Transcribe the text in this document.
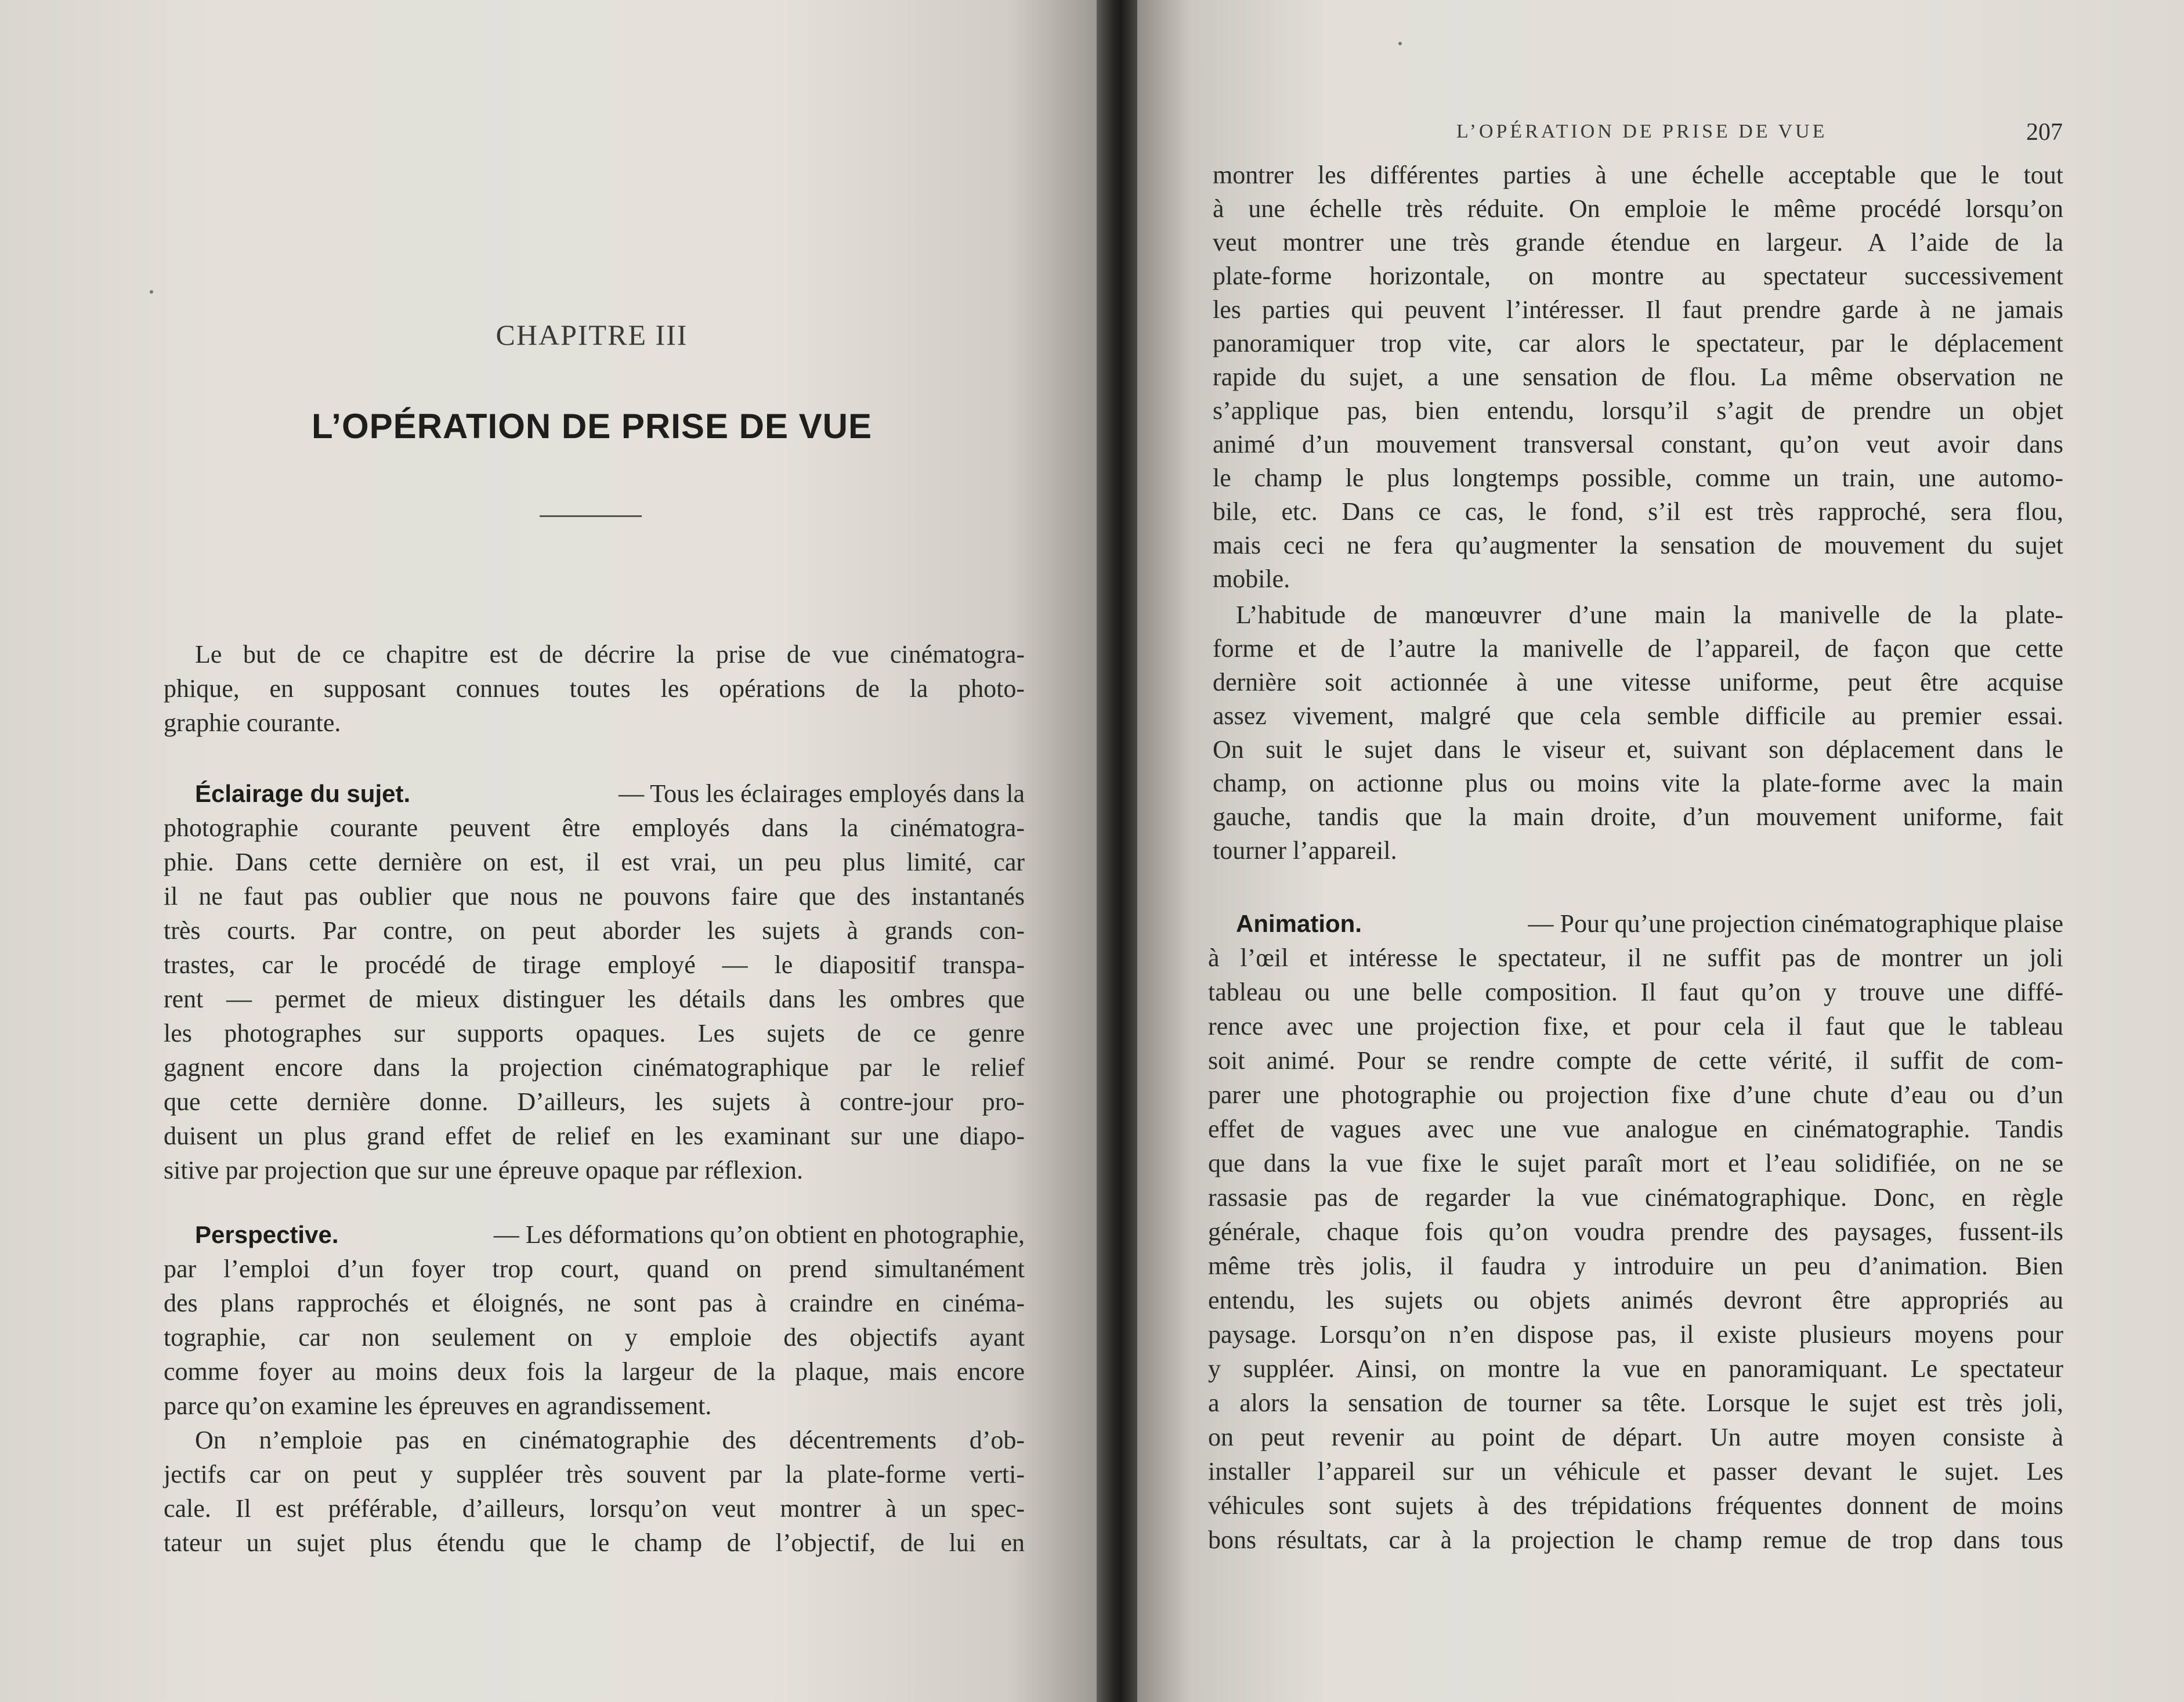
CHAPITRE III
L’OPÉRATION DE PRISE DE VUE
Le but de ce chapitre est de décrire la prise de vue cinématogra-
phique, en supposant connues toutes les opérations de la photo-
graphie courante.
Éclairage du sujet.	— Tous les éclairages employés dans la
photographie courante peuvent être employés dans la cinématogra-
phie. Dans cette dernière on est, il est vrai, un peu plus limité, car
il ne faut pas oublier que nous ne pouvons faire que des instantanés
très courts. Par contre, on peut aborder les sujets à grands con-
trastes, car le procédé de tirage employé — le diapositif transpa-
rent — permet de mieux distinguer les détails dans les ombres que
les photographes sur supports opaques. Les sujets de ce genre
gagnent encore dans la projection cinématographique par le relief
que cette dernière donne. D’ailleurs, les sujets à contre-jour pro-
duisent un plus grand effet de relief en les examinant sur une diapo-
sitive par projection que sur une épreuve opaque par réflexion.
Perspective.	— Les déformations qu’on obtient en photographie,
par l’emploi d’un foyer trop court, quand on prend simultanément
des plans rapprochés et éloignés, ne sont pas à craindre en cinéma-
tographie, car non seulement on y emploie des objectifs ayant
comme foyer au moins deux fois la largeur de la plaque, mais encore
parce qu’on examine les épreuves en agrandissement.
On n’emploie pas en cinématographie des décentrements d’ob-
jectifs car on peut y suppléer très souvent par la plate-forme verti-
cale. Il est préférable, d’ailleurs, lorsqu’on veut montrer à un spec-
tateur un sujet plus étendu que le champ de l’objectif, de lui en
L’OPÉRATION DE PRISE DE VUE	207
montrer les différentes parties à une échelle acceptable que le tout
à une échelle très réduite. On emploie le même procédé lorsqu’on
veut montrer une très grande étendue en largeur. A l’aide de la
plate-forme horizontale, on montre au spectateur successivement
les parties qui peuvent l’intéresser. Il faut prendre garde à ne jamais
panoramiquer trop vite, car alors le spectateur, par le déplacement
rapide du sujet, a une sensation de flou. La même observation ne
s’applique pas, bien entendu, lorsqu’il s’agit de prendre un objet
animé d’un mouvement transversal constant, qu’on veut avoir dans
le champ le plus longtemps possible, comme un train, une automo-
bile, etc. Dans ce cas, le fond, s’il est très rapproché, sera flou,
mais ceci ne fera qu’augmenter la sensation de mouvement du sujet
mobile.
L’habitude de manœuvrer d’une main la manivelle de la plate-
forme et de l’autre la manivelle de l’appareil, de façon que cette
dernière soit actionnée à une vitesse uniforme, peut être acquise
assez vivement, malgré que cela semble difficile au premier essai.
On suit le sujet dans le viseur et, suivant son déplacement dans le
champ, on actionne plus ou moins vite la plate-forme avec la main
gauche, tandis que la main droite, d’un mouvement uniforme, fait
tourner l’appareil.
Animation.	— Pour qu’une projection cinématographique plaise
à l’œil et intéresse le spectateur, il ne suffit pas de montrer un joli
tableau ou une belle composition. Il faut qu’on y trouve une diffé-
rence avec une projection fixe, et pour cela il faut que le tableau
soit animé. Pour se rendre compte de cette vérité, il suffit de com-
parer une photographie ou projection fixe d’une chute d’eau ou d’un
effet de vagues avec une vue analogue en cinématographie. Tandis
que dans la vue fixe le sujet paraît mort et l’eau solidifiée, on ne se
rassasie pas de regarder la vue cinématographique. Donc, en règle
générale, chaque fois qu’on voudra prendre des paysages, fussent-ils
même très jolis, il faudra y introduire un peu d’animation. Bien
entendu, les sujets ou objets animés devront être appropriés au
paysage. Lorsqu’on n’en dispose pas, il existe plusieurs moyens pour
y suppléer. Ainsi, on montre la vue en panoramiquant. Le spectateur
a alors la sensation de tourner sa tête. Lorsque le sujet est très joli,
on peut revenir au point de départ. Un autre moyen consiste à
installer l’appareil sur un véhicule et passer devant le sujet. Les
véhicules sont sujets à des trépidations fréquentes donnent de moins
bons résultats, car à la projection le champ remue de trop dans tous
